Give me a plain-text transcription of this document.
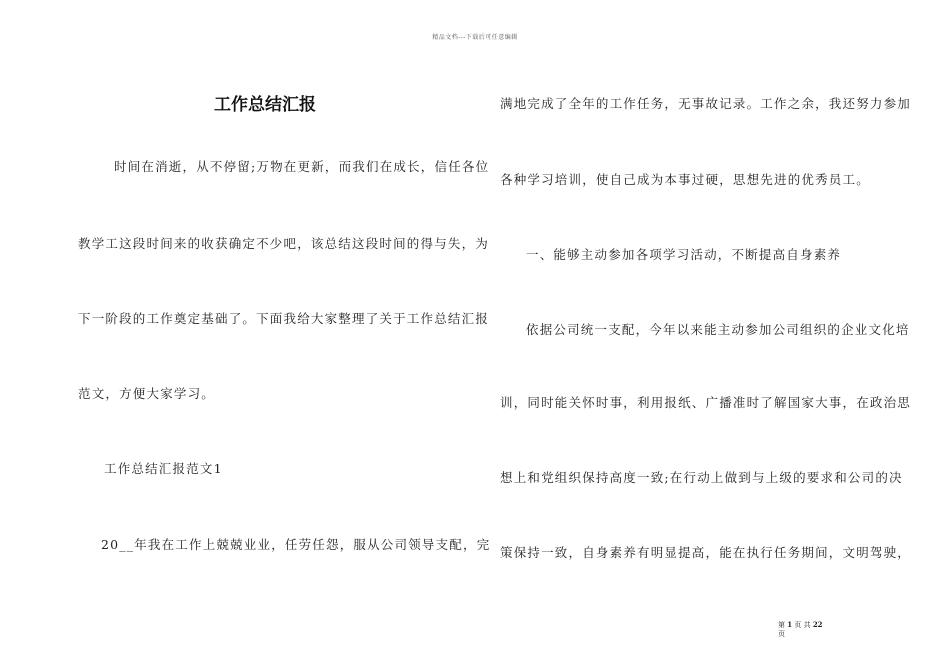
精品文档---下载后可任意编辑
工作总结汇报
时间在消逝，从不停留;万物在更新，而我们在成长，信任各位
教学工这段时间来的收获确定不少吧，该总结这段时间的得与失，为
下一阶段的工作奠定基础了。下面我给大家整理了关于工作总结汇报
范文，方便大家学习。
工作总结汇报范文1
20__年我在工作上兢兢业业，任劳任怨，服从公司领导支配，完
满地完成了全年的工作任务，无事故记录。工作之余，我还努力参加
各种学习培训，使自己成为本事过硬，思想先进的优秀员工。
一、能够主动参加各项学习活动，不断提高自身素养
依据公司统一支配，今年以来能主动参加公司组织的企业文化培
训，同时能关怀时事，利用报纸、广播准时了解国家大事，在政治思
想上和党组织保持高度一致;在行动上做到与上级的要求和公司的决
策保持一致，自身素养有明显提高，能在执行任务期间，文明驾驶，
第 1 页 共 22
页
